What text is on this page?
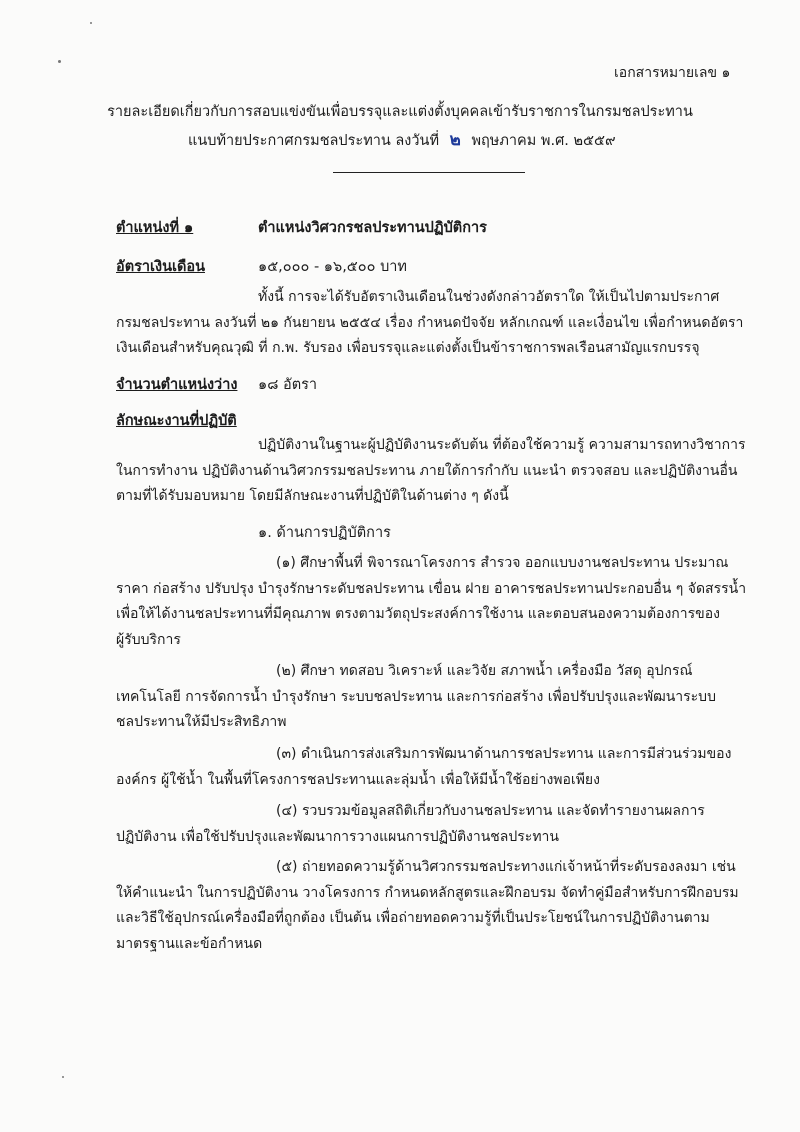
เอกสารหมายเลข ๑
รายละเอียดเกี่ยวกับการสอบแข่งขันเพื่อบรรจุและแต่งตั้งบุคคลเข้ารับราชการในกรมชลประทาน
แนบท้ายประกาศกรมชลประทาน ลงวันที่ ๒ พฤษภาคม พ.ศ. ๒๕๕๙
ตำแหน่งที่ ๑	ตำแหน่งวิศวกรชลประทานปฏิบัติการ
อัตราเงินเดือน	๑๕,๐๐๐ - ๑๖,๕๐๐ บาท
ทั้งนี้ การจะได้รับอัตราเงินเดือนในช่วงดังกล่าวอัตราใด ให้เป็นไปตามประกาศ
กรมชลประทาน ลงวันที่ ๒๑ กันยายน ๒๕๕๔ เรื่อง กำหนดปัจจัย หลักเกณฑ์ และเงื่อนไข เพื่อกำหนดอัตรา
เงินเดือนสำหรับคุณวุฒิ ที่ ก.พ. รับรอง เพื่อบรรจุและแต่งตั้งเป็นข้าราชการพลเรือนสามัญแรกบรรจุ
จำนวนตำแหน่งว่าง ๑๘ อัตรา
ลักษณะงานที่ปฏิบัติ
ปฏิบัติงานในฐานะผู้ปฏิบัติงานระดับต้น ที่ต้องใช้ความรู้ ความสามารถทางวิชาการ
ในการทำงาน ปฏิบัติงานด้านวิศวกรรมชลประทาน ภายใต้การกำกับ แนะนำ ตรวจสอบ และปฏิบัติงานอื่น
ตามที่ได้รับมอบหมาย โดยมีลักษณะงานที่ปฏิบัติในด้านต่าง ๆ ดังนี้
๑. ด้านการปฏิบัติการ
(๑) ศึกษาพื้นที่ พิจารณาโครงการ สำรวจ ออกแบบงานชลประทาน ประมาณ
ราคา ก่อสร้าง ปรับปรุง บำรุงรักษาระดับชลประทาน เขื่อน ฝาย อาคารชลประทานประกอบอื่น ๆ จัดสรรน้ำ
เพื่อให้ได้งานชลประทานที่มีคุณภาพ ตรงตามวัตถุประสงค์การใช้งาน และตอบสนองความต้องการของ
ผู้รับบริการ
(๒) ศึกษา ทดสอบ วิเคราะห์ และวิจัย สภาพน้ำ เครื่องมือ วัสดุ อุปกรณ์
เทคโนโลยี การจัดการน้ำ บำรุงรักษา ระบบชลประทาน และการก่อสร้าง เพื่อปรับปรุงและพัฒนาระบบ
ชลประทานให้มีประสิทธิภาพ
(๓) ดำเนินการส่งเสริมการพัฒนาด้านการชลประทาน และการมีส่วนร่วมของ
องค์กร ผู้ใช้น้ำ ในพื้นที่โครงการชลประทานและลุ่มน้ำ เพื่อให้มีน้ำใช้อย่างพอเพียง
(๔) รวบรวมข้อมูลสถิติเกี่ยวกับงานชลประทาน และจัดทำรายงานผลการ
ปฏิบัติงาน เพื่อใช้ปรับปรุงและพัฒนาการวางแผนการปฏิบัติงานชลประทาน
(๕) ถ่ายทอดความรู้ด้านวิศวกรรมชลประทางแก่เจ้าหน้าที่ระดับรองลงมา เช่น
ให้คำแนะนำ ในการปฏิบัติงาน วางโครงการ กำหนดหลักสูตรและฝึกอบรม จัดทำคู่มือสำหรับการฝึกอบรม
และวิธีใช้อุปกรณ์เครื่องมือที่ถูกต้อง เป็นต้น เพื่อถ่ายทอดความรู้ที่เป็นประโยชน์ในการปฏิบัติงานตาม
มาตรฐานและข้อกำหนด
